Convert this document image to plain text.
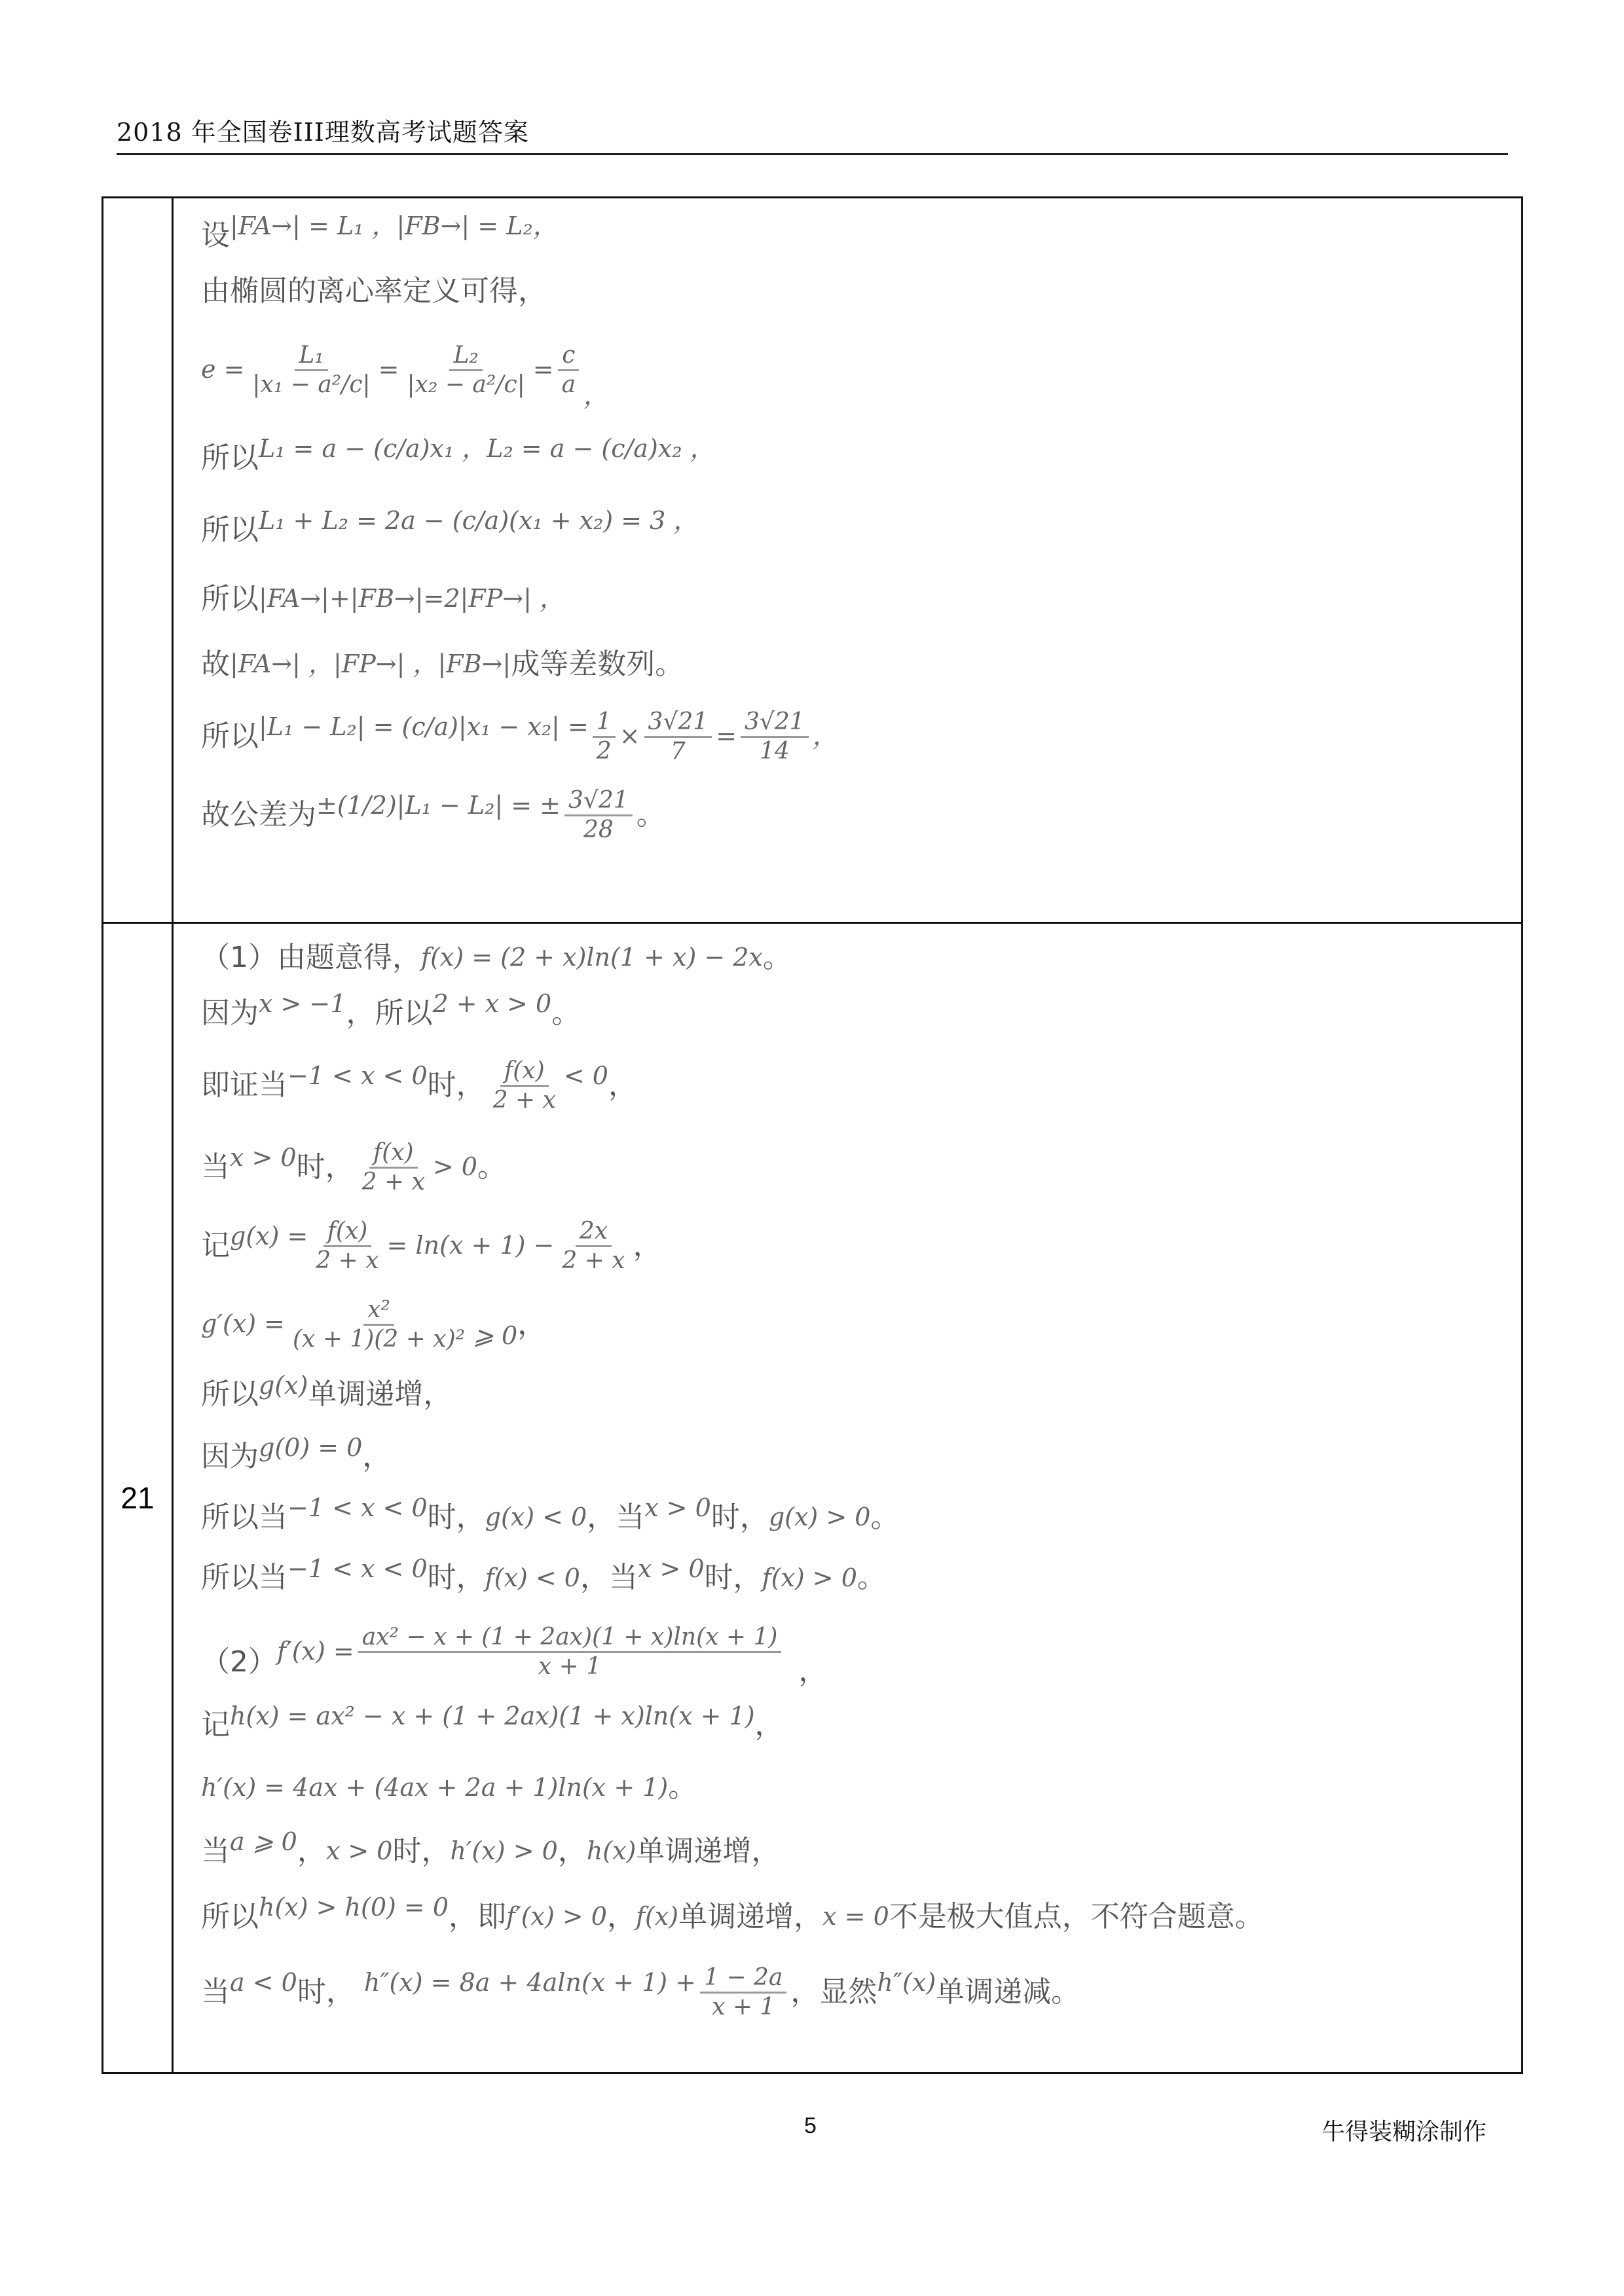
2018 年全国卷III理数高考试题答案

设 |FA→| = L₁ ，|FB→| = L₂，
由椭圆的离心率定义可得，
$e = \frac{\text{L₁}}{\text{|x₁ − a²/c|}} = \frac{\text{L₂}}{\text{|x₂ − a²/c|}} = \frac{c}{a}$ ，
所以 L₁ = a − (c/a)x₁ ，L₂ = a − (c/a)x₂ ，
所以 L₁ + L₂ = 2a − (c/a)(x₁ + x₂) = 3 ，
所以 |FA→|+|FB→|=2|FP→| ，
故 |FA→| ，|FP→| ，|FB→| 成等差数列。
所以 $|L_1 - L_2| = (c/a)|x_1 - x_2| = \frac{1}{2} \times \frac{3√21}{7} = \frac{3√21}{14}$ ，
故公差为 ±(1/2)|L₁ − L₂| = ± $\frac{3√21}{28}$ 。

21	
（1）由题意得， f(x) = (2 + x)ln(1 + x) − 2x 。
因为 x > −1 ，所以 2 + x > 0 。
即证当 −1 < x < 0 时， $\frac{f(x)}{2 + x} < 0$ ，
当 x > 0 时， $\frac{f(x)}{2 + x} > 0$ 。
记 $g(x) = \frac{f(x)}{2 + x} = \ln(x + 1) - \frac{2x}{2 + x}$ ，
$g'(x) = \frac{\text{x²}}{\text{(x + 1)(2 + x)²}}$ ⩾ 0 ，
所以 g(x) 单调递增，
因为 g(0) = 0 ，
所以当 −1 < x < 0 时， g(x) < 0 ，当 x > 0 时， g(x) > 0 。
所以当 −1 < x < 0 时， f(x) < 0 ，当 x > 0 时， f(x) > 0 。
（2） $f'(x) = \frac{\text{ax² − x + (1 + 2ax)(1 + x)ln(x + 1)}}{x + 1}$ ，
记 h(x) = ax² − x + (1 + 2ax)(1 + x)ln(x + 1) ，
h′(x) = 4ax + (4ax + 2a + 1)ln(x + 1) 。
当 a ⩾ 0 ， x > 0 时， h′(x) > 0 ， h(x) 单调递增，
所以 h(x) > h(0) = 0 ，即 f′(x) > 0 ， f(x) 单调递增， x = 0 不是极大值点，不符合题意。
当 a < 0 时， $h''(x) = 8a + 4aln(x + 1) + \frac{1 - 2a}{x + 1}$ ，显然 h″(x) 单调递减。
5	牛得装糊涂制作
